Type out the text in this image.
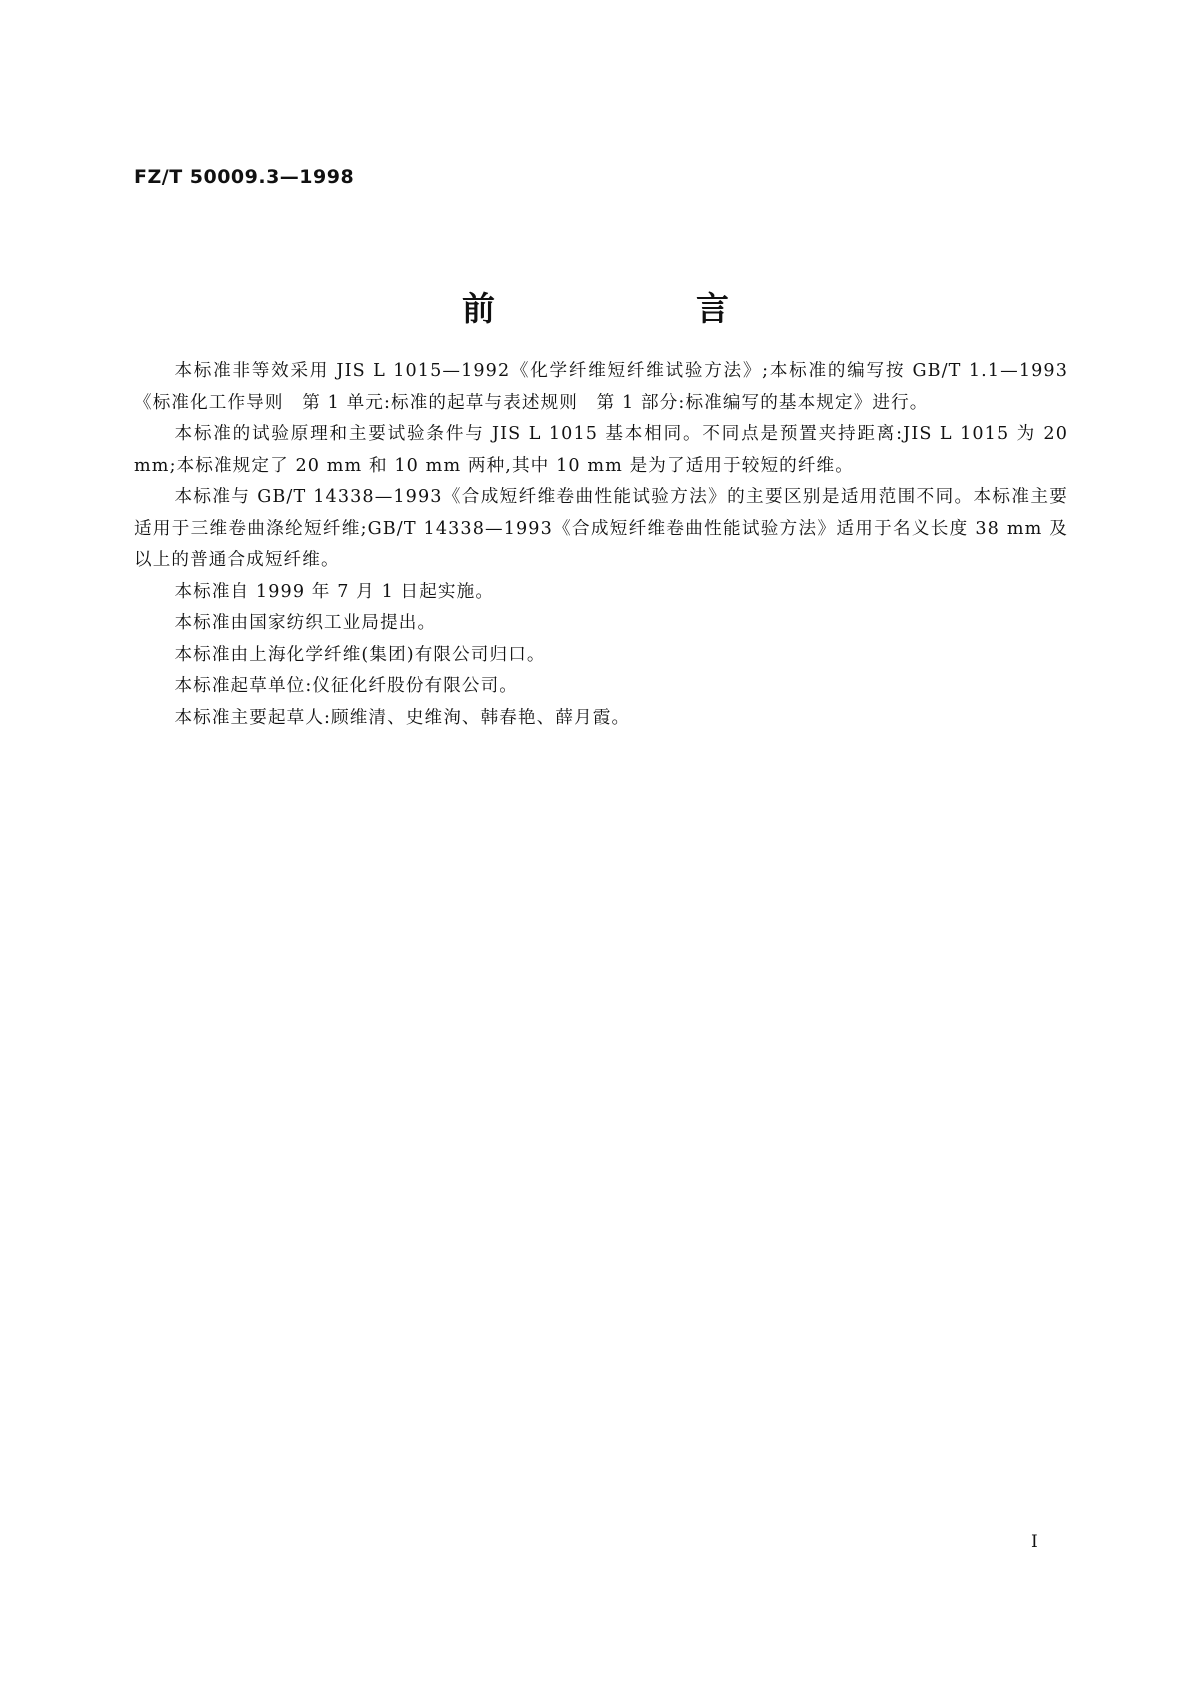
FZ/T 50009.3—1998
前　言

本标准非等效采用 JIS L 1015—1992《化学纤维短纤维试验方法》;本标准的编写按 GB/T 1.1—1993《标准化工作导则　第 1 单元:标准的起草与表述规则　第 1 部分:标准编写的基本规定》进行。

本标准的试验原理和主要试验条件与 JIS L 1015 基本相同。不同点是预置夹持距离:JIS L 1015 为 20 mm;本标准规定了 20 mm 和 10 mm 两种,其中 10 mm 是为了适用于较短的纤维。

本标准与 GB/T 14338—1993《合成短纤维卷曲性能试验方法》的主要区别是适用范围不同。本标准主要适用于三维卷曲涤纶短纤维;GB/T 14338—1993《合成短纤维卷曲性能试验方法》适用于名义长度 38 mm 及以上的普通合成短纤维。

本标准自 1999 年 7 月 1 日起实施。

本标准由国家纺织工业局提出。

本标准由上海化学纤维(集团)有限公司归口。

本标准起草单位:仪征化纤股份有限公司。

本标准主要起草人:顾维清、史维洵、韩春艳、薛月霞。

I
